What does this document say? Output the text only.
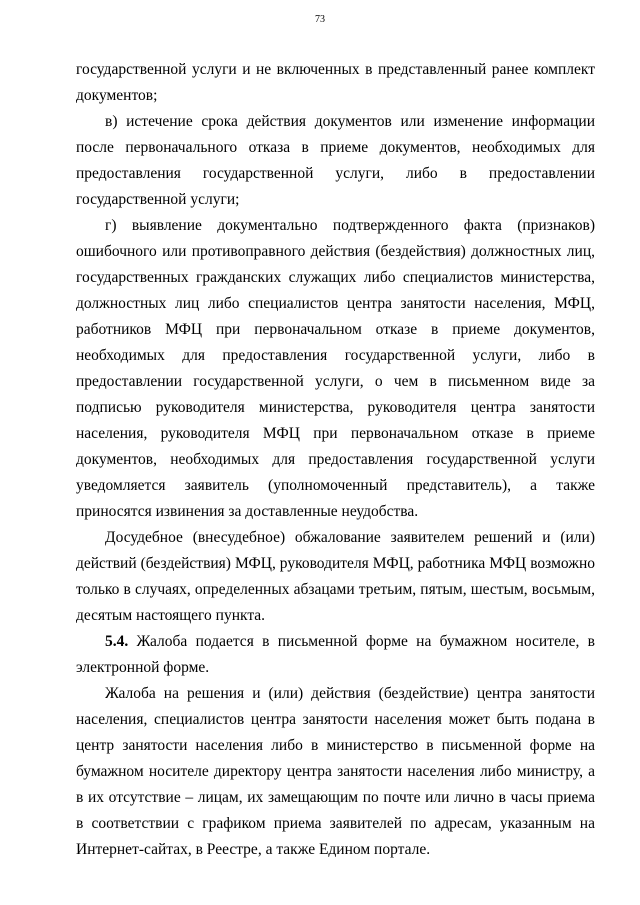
73

государственной услуги и не включенных в представленный ранее комплект документов;

в) истечение срока действия документов или изменение информации после первоначального отказа в приеме документов, необходимых для предоставления государственной услуги, либо в предоставлении государственной услуги;

г) выявление документально подтвержденного факта (признаков) ошибочного или противоправного действия (бездействия) должностных лиц, государственных гражданских служащих либо специалистов министерства, должностных лиц либо специалистов центра занятости населения, МФЦ, работников МФЦ при первоначальном отказе в приеме документов, необходимых для предоставления государственной услуги, либо в предоставлении государственной услуги, о чем в письменном виде за подписью руководителя министерства, руководителя центра занятости населения, руководителя МФЦ при первоначальном отказе в приеме документов, необходимых для предоставления государственной услуги уведомляется заявитель (уполномоченный представитель), а также приносятся извинения за доставленные неудобства.

Досудебное (внесудебное) обжалование заявителем решений и (или) действий (бездействия) МФЦ, руководителя МФЦ, работника МФЦ возможно только в случаях, определенных абзацами третьим, пятым, шестым, восьмым, десятым настоящего пункта.

5.4. Жалоба подается в письменной форме на бумажном носителе, в электронной форме.

Жалоба на решения и (или) действия (бездействие) центра занятости населения, специалистов центра занятости населения может быть подана в центр занятости населения либо в министерство в письменной форме на бумажном носителе директору центра занятости населения либо министру, а в их отсутствие – лицам, их замещающим по почте или лично в часы приема в соответствии с графиком приема заявителей по адресам, указанным на Интернет-сайтах, в Реестре, а также Едином портале.
